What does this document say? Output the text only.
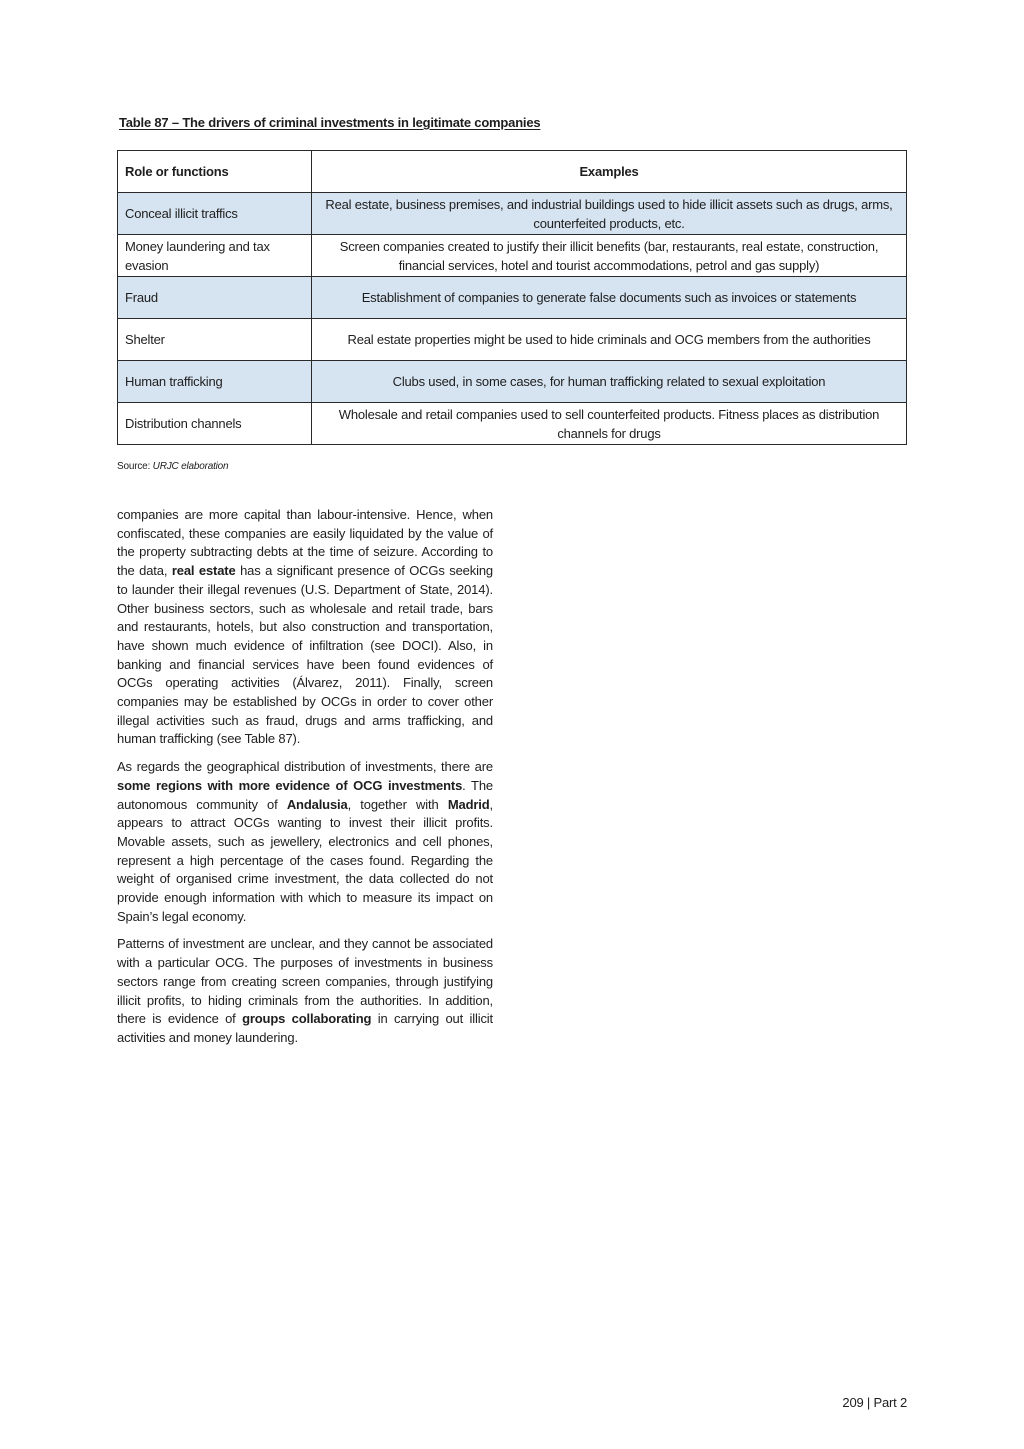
Table 87 – The drivers of criminal investments in legitimate companies
Role or functions	Examples
Conceal illicit traffics	Real estate, business premises, and industrial buildings used to hide illicit assets such as drugs, arms, counterfeited products, etc.
Money laundering and tax evasion	Screen companies created to justify their illicit benefits (bar, restaurants, real estate, construction, financial services, hotel and tourist accommodations, petrol and gas supply)
Fraud	Establishment of companies to generate false documents such as invoices or statements
Shelter	Real estate properties might be used to hide criminals and OCG members from the authorities
Human trafficking	Clubs used, in some cases, for human trafficking related to sexual exploitation
Distribution channels	Wholesale and retail companies used to sell counterfeited products. Fitness places as distribution channels for drugs
Source: URJC elaboration

companies are more capital than labour-intensive. Hence, when confiscated, these companies are easily liquidated by the value of the property subtracting debts at the time of seizure. According to the data, real estate has a significant presence of OCGs seeking to launder their illegal revenues (U.S. Department of State, 2014). Other business sectors, such as wholesale and retail trade, bars and restaurants, hotels, but also construction and transportation, have shown much evidence of infiltration (see DOCI). Also, in banking and financial services have been found evidences of OCGs operating activities (Álvarez, 2011). Finally, screen companies may be established by OCGs in order to cover other illegal activities such as fraud, drugs and arms trafficking, and human trafficking (see Table 87).

As regards the geographical distribution of investments, there are some regions with more evidence of OCG investments. The autonomous community of Andalusia, together with Madrid, appears to attract OCGs wanting to invest their illicit profits. Movable assets, such as jewellery, electronics and cell phones, represent a high percentage of the cases found. Regarding the weight of organised crime investment, the data collected do not provide enough information with which to measure its impact on Spain’s legal economy.

Patterns of investment are unclear, and they cannot be associated with a particular OCG. The purposes of investments in business sectors range from creating screen companies, through justifying illicit profits, to hiding criminals from the authorities. In addition, there is evidence of groups collaborating in carrying out illicit activities and money laundering.

209 | Part 2
